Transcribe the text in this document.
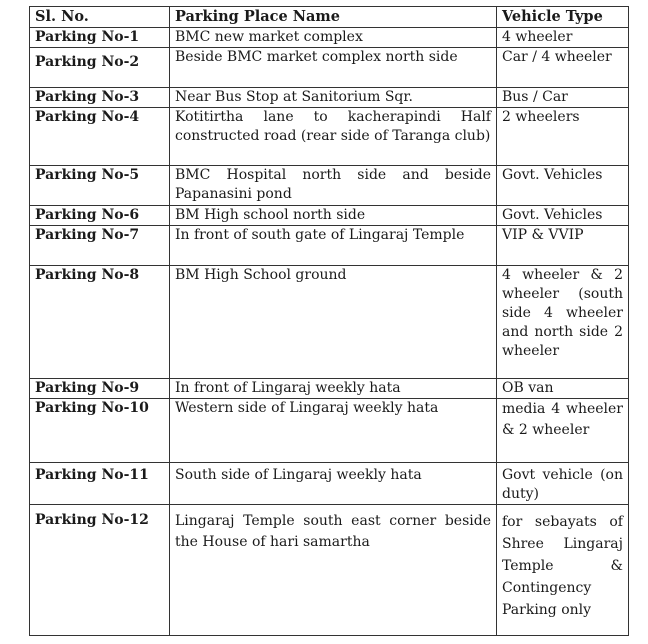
Sl. No.	Parking Place Name	Vehicle Type
Parking No-1	BMC new market complex	4 wheeler
Parking No-2	Beside BMC market complex north side	Car / 4 wheeler
Parking No-3	Near Bus Stop at Sanitorium Sqr.	Bus / Car
Parking No-4	Kotitirtha lane to kacherapindi Half constructed road (rear side of Taranga club)	2 wheelers
Parking No-5	BMC Hospital north side and beside Papanasini pond	Govt. Vehicles
Parking No-6	BM High school north side	Govt. Vehicles
Parking No-7	In front of south gate of Lingaraj Temple	VIP & VVIP
Parking No-8	BM High School ground	4 wheeler & 2 wheeler (south side 4 wheeler and north side 2 wheeler
Parking No-9	In front of Lingaraj weekly hata	OB van
Parking No-10	Western side of Lingaraj weekly hata	media 4 wheeler & 2 wheeler
Parking No-11	South side of Lingaraj weekly hata	Govt vehicle (on duty)
Parking No-12	Lingaraj Temple south east corner beside the House of hari samartha	for sebayats of Shree Lingaraj Temple & Contingency Parking only
